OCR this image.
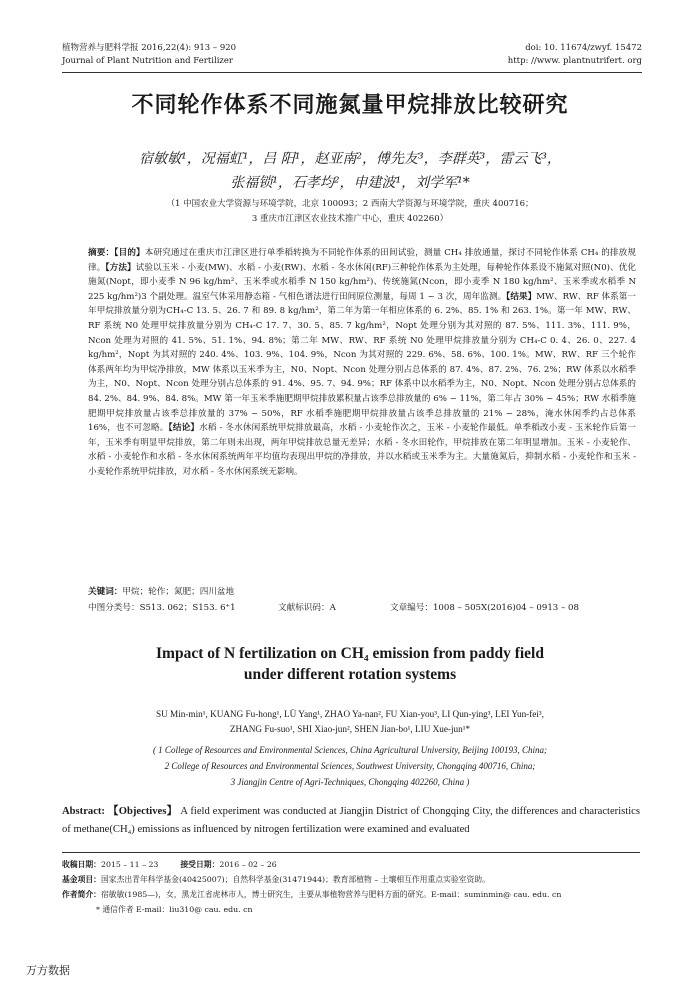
植物营养与肥料学报 2016,22(4): 913 – 920
Journal of Plant Nutrition and Fertilizer
doi: 10. 11674/zwyf. 15472
http: //www. plantnutrifert. org
不同轮作体系不同施氮量甲烷排放比较研究
宿敏敏¹，况福虹¹，吕 阳¹，赵亚南²，傅先友³，李群英³，雷云飞³，
张福锁¹，石孝均²，申建波¹，刘学军¹*
（1 中国农业大学资源与环境学院，北京 100093；2 西南大学资源与环境学院，重庆 400716；
3 重庆市江津区农业技术推广中心，重庆 402260）
摘要：【目的】本研究通过在重庆市江津区进行单季稻转换为不同轮作体系的田间试验，测量 CH₄ 排放通量，探讨不同轮作体系 CH₄ 的排放规律。【方法】试验以玉米 - 小麦(MW)、水稻 - 小麦(RW)、水稻 - 冬水休闲(RF)三种轮作体系为主处理，每种轮作体系设不施氮对照(N0)、优化施氮(Nopt，即小麦季 N 96 kg/hm²、玉米季或水稻季 N 150 kg/hm²)、传统施氮(Ncon，即小麦季 N 180 kg/hm²、玉米季或水稻季 N 225 kg/hm²)3 个副处理。温室气体采用静态箱 - 气相色谱法进行田间原位测量，每周 1 ~ 3 次，周年监测。【结果】MW、RW、RF 体系第一年甲烷排放量分别为CH₄-C 13. 5、26. 7 和 89. 8 kg/hm²，第二年为第一年相应体系的 6. 2%、85. 1% 和 263. 1%。第一年 MW、RW、RF 系统 N0 处理甲烷排放量分别为 CH₄-C 17. 7、30. 5、85. 7 kg/hm²，Nopt 处理分别为其对照的 87. 5%、111. 3%、111. 9%，Ncon 处理为对照的 41. 5%、51. 1%、94. 8%；第二年 MW、RW、RF 系统 N0 处理甲烷排放量分别为 CH₄-C 0. 4、26. 0、227. 4 kg/hm²，Nopt 为其对照的 240. 4%、103. 9%、104. 9%，Ncon 为其对照的 229. 6%、58. 6%、100. 1%。MW、RW、RF 三个轮作体系两年均为甲烷净排放，MW 体系以玉米季为主，N0、Nopt、Ncon 处理分别占总体系的 87. 4%、87. 2%、76. 2%；RW 体系以水稻季为主，N0、Nopt、Ncon 处理分别占总体系的 91. 4%、95. 7、94. 9%；RF 体系中以水稻季为主，N0、Nopt、Ncon 处理分别占总体系的 84. 2%、84. 9%、84. 8%。MW 第一年玉米季施肥期甲烷排放累积量占该季总排放量的 6% ~ 11%，第二年占 30% ~ 45%；RW 水稻季施肥期甲烷排放量占该季总排放量的 37% ~ 50%，RF 水稻季施肥期甲烷排放量占该季总排放量的 21% ~ 28%，淹水休闲季约占总体系 16%，也不可忽略。【结论】水稻 - 冬水休闲系统甲烷排放最高，水稻 - 小麦轮作次之，玉米 - 小麦轮作最低。单季稻改小麦 - 玉米轮作后第一年，玉米季有明显甲烷排放，第二年则未出现，两年甲烷排放总量无差异；水稻 - 冬水田轮作，甲烷排放在第二年明显增加。玉米 - 小麦轮作、水稻 - 小麦轮作和水稻 - 冬水休闲系统两年平均值均表现出甲烷的净排放，并以水稻或玉米季为主。大量施氮后，抑制水稻 - 小麦轮作和玉米 - 小麦轮作系统甲烷排放，对水稻 - 冬水休闲系统无影响。
关键词：甲烷；轮作；氮肥；四川盆地
中图分类号：S513. 062；S153. 6⁺1	文献标识码：A	文章编号：1008 – 505X(2016)04 – 0913 – 08
Impact of N fertilization on CH₄ emission from paddy field
under different rotation systems
SU Min-min¹, KUANG Fu-hong¹, LÜ Yang¹, ZHAO Ya-nan², FU Xian-you³, LI Qun-ying³, LEI Yun-fei³,
ZHANG Fu-suo¹, SHI Xiao-jun², SHEN Jian-bo¹, LIU Xue-jun¹*
( 1 College of Resources and Environmental Sciences, China Agricultural University, Beijing 100193, China;
2 College of Resources and Environmental Sciences, Southwest University, Chongqing 400716, China;
3 Jiangjin Centre of Agri-Techniques, Chongqing 402260, China )
Abstract: 【Objectives】 A field experiment was conducted at Jiangjin District of Chongqing City, the differences and characteristics of methane(CH₄) emissions as influenced by nitrogen fertilization were examined and evaluated
收稿日期：2015 – 11 – 23	接受日期：2016 – 02 – 26
基金项目：国家杰出青年科学基金(40425007)；自然科学基金(31471944)；教育部植物 – 土壤相互作用重点实验室资助。
作者简介：宿敏敏(1985—)，女，黑龙江省虎林市人，博士研究生，主要从事植物营养与肥料方面的研究。E-mail：suminmin@ cau. edu. cn
* 通信作者 E-mail：liu310@ cau. edu. cn
万方数据
